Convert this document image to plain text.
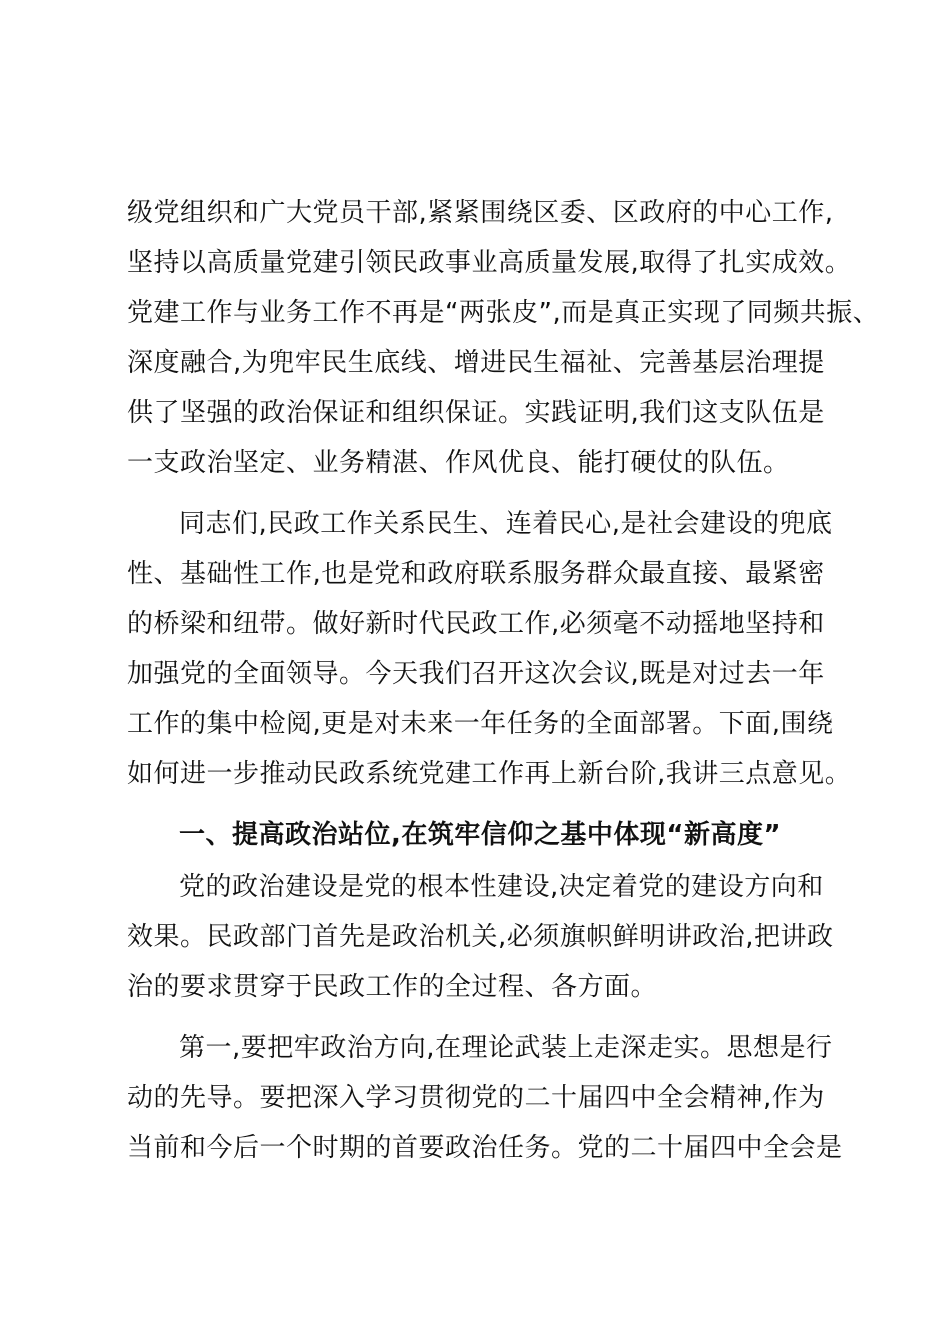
级党组织和广大党员干部,紧紧围绕区委、区政府的中心工作,
坚持以高质量党建引领民政事业高质量发展,取得了扎实成效。
党建工作与业务工作不再是“两张皮”,而是真正实现了同频共振、
深度融合,为兜牢民生底线、增进民生福祉、完善基层治理提
供了坚强的政治保证和组织保证。实践证明,我们这支队伍是
一支政治坚定、业务精湛、作风优良、能打硬仗的队伍。
同志们,民政工作关系民生、连着民心,是社会建设的兜底
性、基础性工作,也是党和政府联系服务群众最直接、最紧密
的桥梁和纽带。做好新时代民政工作,必须毫不动摇地坚持和
加强党的全面领导。今天我们召开这次会议,既是对过去一年
工作的集中检阅,更是对未来一年任务的全面部署。下面,围绕
如何进一步推动民政系统党建工作再上新台阶,我讲三点意见。
一、提高政治站位,在筑牢信仰之基中体现“新高度”
党的政治建设是党的根本性建设,决定着党的建设方向和
效果。民政部门首先是政治机关,必须旗帜鲜明讲政治,把讲政
治的要求贯穿于民政工作的全过程、各方面。
第一,要把牢政治方向,在理论武装上走深走实。思想是行
动的先导。要把深入学习贯彻党的二十届四中全会精神,作为
当前和今后一个时期的首要政治任务。党的二十届四中全会是
